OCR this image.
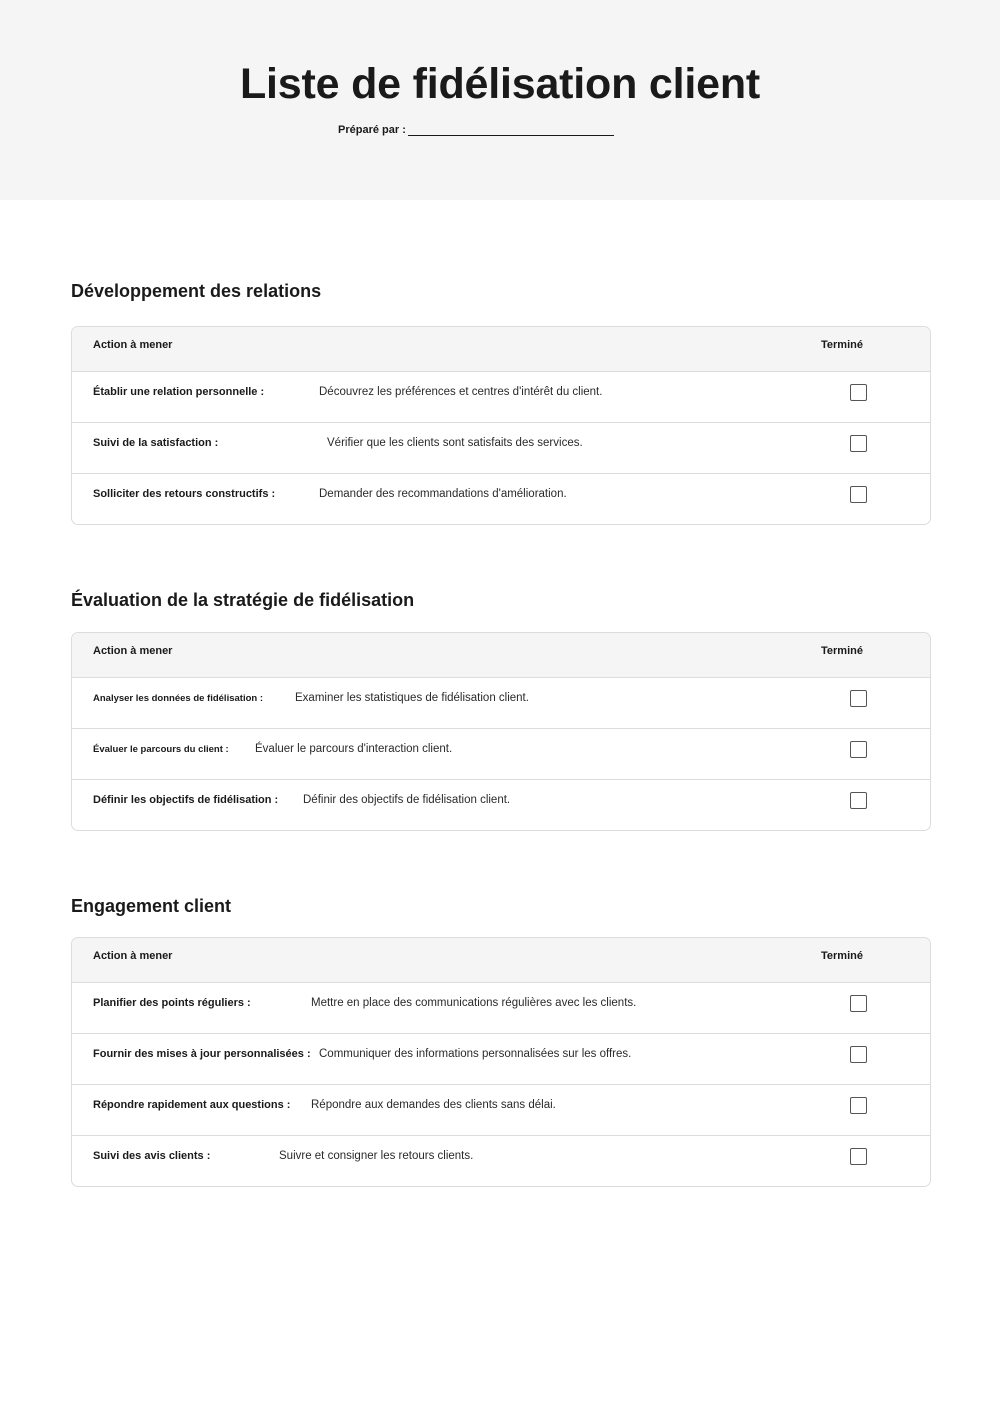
Liste de fidélisation client
Préparé par :
Développement des relations
Action à mener	Terminé
Établir une relation personnelle :	Découvrez les préférences et centres d'intérêt du client.
Suivi de la satisfaction :	Vérifier que les clients sont satisfaits des services.
Solliciter des retours constructifs :	Demander des recommandations d'amélioration.
Évaluation de la stratégie de fidélisation
Action à mener	Terminé
Analyser les données de fidélisation :	Examiner les statistiques de fidélisation client.
Évaluer le parcours du client : Évaluer le parcours d'interaction client.
Définir les objectifs de fidélisation : Définir des objectifs de fidélisation client.
Engagement client
Action à mener	Terminé
Planifier des points réguliers :	Mettre en place des communications régulières avec les clients.
Fournir des mises à jour personnalisées : Communiquer des informations personnalisées sur les offres.
Répondre rapidement aux questions : Répondre aux demandes des clients sans délai.
Suivi des avis clients :	Suivre et consigner les retours clients.
